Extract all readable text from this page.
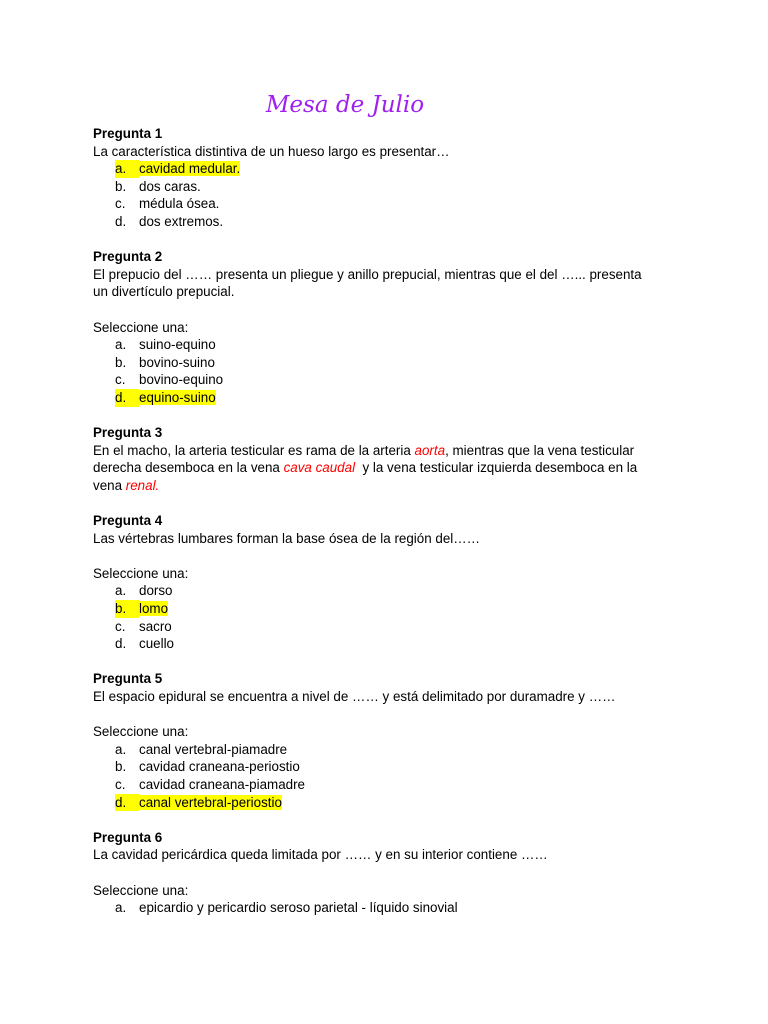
Mesa de Julio
Pregunta 1
La característica distintiva de un hueso largo es presentar…
a. cavidad medular.
b. dos caras.
c. médula ósea.
d. dos extremos.
Pregunta 2
El prepucio del …… presenta un pliegue y anillo prepucial, mientras que el del …... presenta
un divertículo prepucial.
Seleccione una:
a. suino-equino
b. bovino-suino
c. bovino-equino
d. equino-suino
Pregunta 3
En el macho, la arteria testicular es rama de la arteria aorta, mientras que la vena testicular
derecha desemboca en la vena cava caudal  y la vena testicular izquierda desemboca en la
vena renal.
Pregunta 4
Las vértebras lumbares forman la base ósea de la región del……
Seleccione una:
a. dorso
b. lomo
c. sacro
d. cuello
Pregunta 5
El espacio epidural se encuentra a nivel de …… y está delimitado por duramadre y ……
Seleccione una:
a. canal vertebral-piamadre
b. cavidad craneana-periostio
c. cavidad craneana-piamadre
d. canal vertebral-periostio
Pregunta 6
La cavidad pericárdica queda limitada por …… y en su interior contiene ……
Seleccione una:
a. epicardio y pericardio seroso parietal - líquido sinovial
